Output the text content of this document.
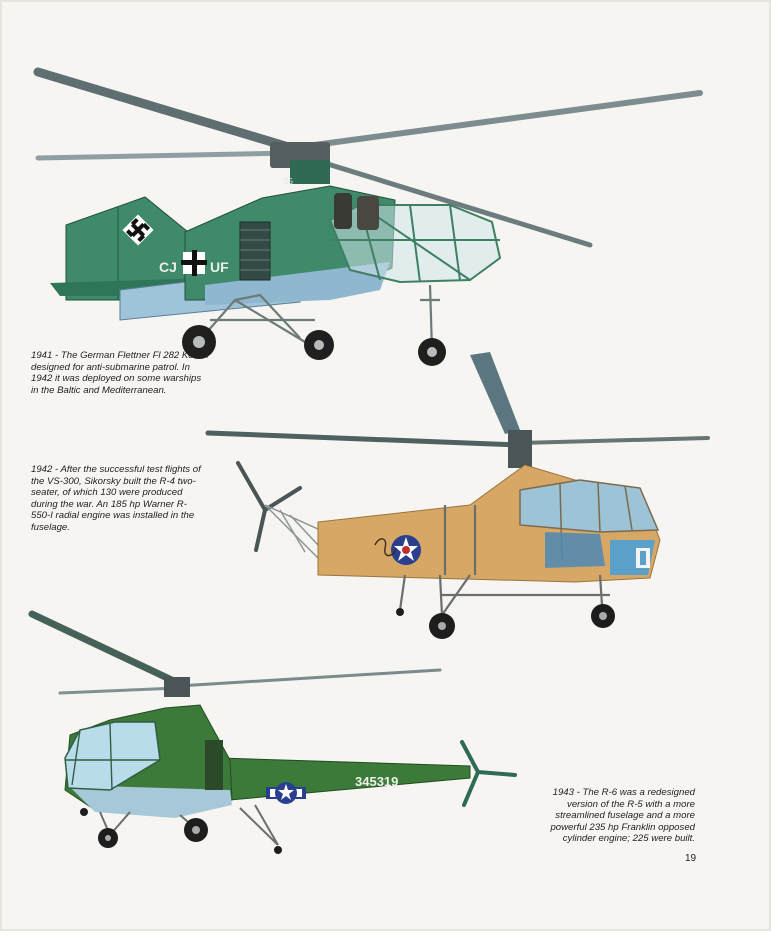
CJ UF
05
345319
1941 - The German Flettner Fl 282 Kolibri designed for anti-submarine patrol. In 1942 it was deployed on some warships in the Baltic and Mediterranean.
1942 - After the successful test flights of the VS-300, Sikorsky built the R-4 two-seater, of which 130 were produced during the war. An 185 hp Warner R-550-I radial engine was installed in the fuselage.
1943 - The R-6 was a redesigned version of the R-5 with a more streamlined fuselage and a more powerful 235 hp Franklin opposed cylinder engine; 225 were built.
19
